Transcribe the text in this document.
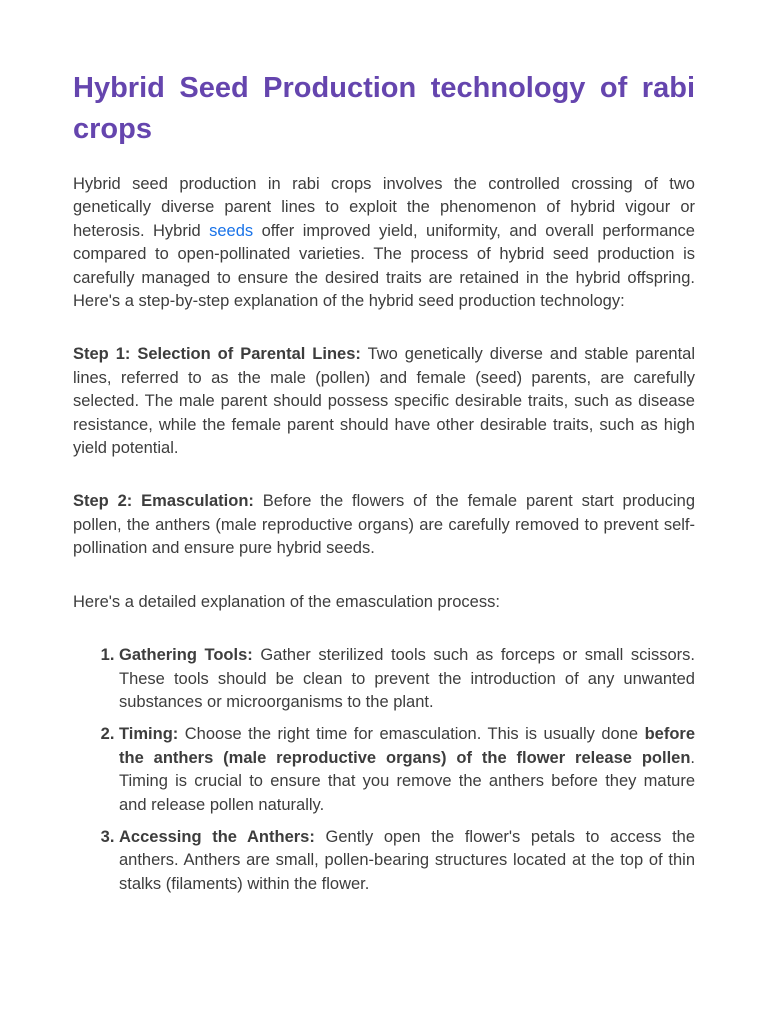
Hybrid Seed Production technology of rabi crops

Hybrid seed production in rabi crops involves the controlled crossing of two genetically diverse parent lines to exploit the phenomenon of hybrid vigour or heterosis. Hybrid seeds offer improved yield, uniformity, and overall performance compared to open-pollinated varieties. The process of hybrid seed production is carefully managed to ensure the desired traits are retained in the hybrid offspring. Here's a step-by-step explanation of the hybrid seed production technology:

Step 1: Selection of Parental Lines: Two genetically diverse and stable parental lines, referred to as the male (pollen) and female (seed) parents, are carefully selected. The male parent should possess specific desirable traits, such as disease resistance, while the female parent should have other desirable traits, such as high yield potential.

Step 2: Emasculation: Before the flowers of the female parent start producing pollen, the anthers (male reproductive organs) are carefully removed to prevent self-pollination and ensure pure hybrid seeds.

Here's a detailed explanation of the emasculation process:

1. Gathering Tools: Gather sterilized tools such as forceps or small scissors. These tools should be clean to prevent the introduction of any unwanted substances or microorganisms to the plant.
2. Timing: Choose the right time for emasculation. This is usually done before the anthers (male reproductive organs) of the flower release pollen. Timing is crucial to ensure that you remove the anthers before they mature and release pollen naturally.
3. Accessing the Anthers: Gently open the flower's petals to access the anthers. Anthers are small, pollen-bearing structures located at the top of thin stalks (filaments) within the flower.
